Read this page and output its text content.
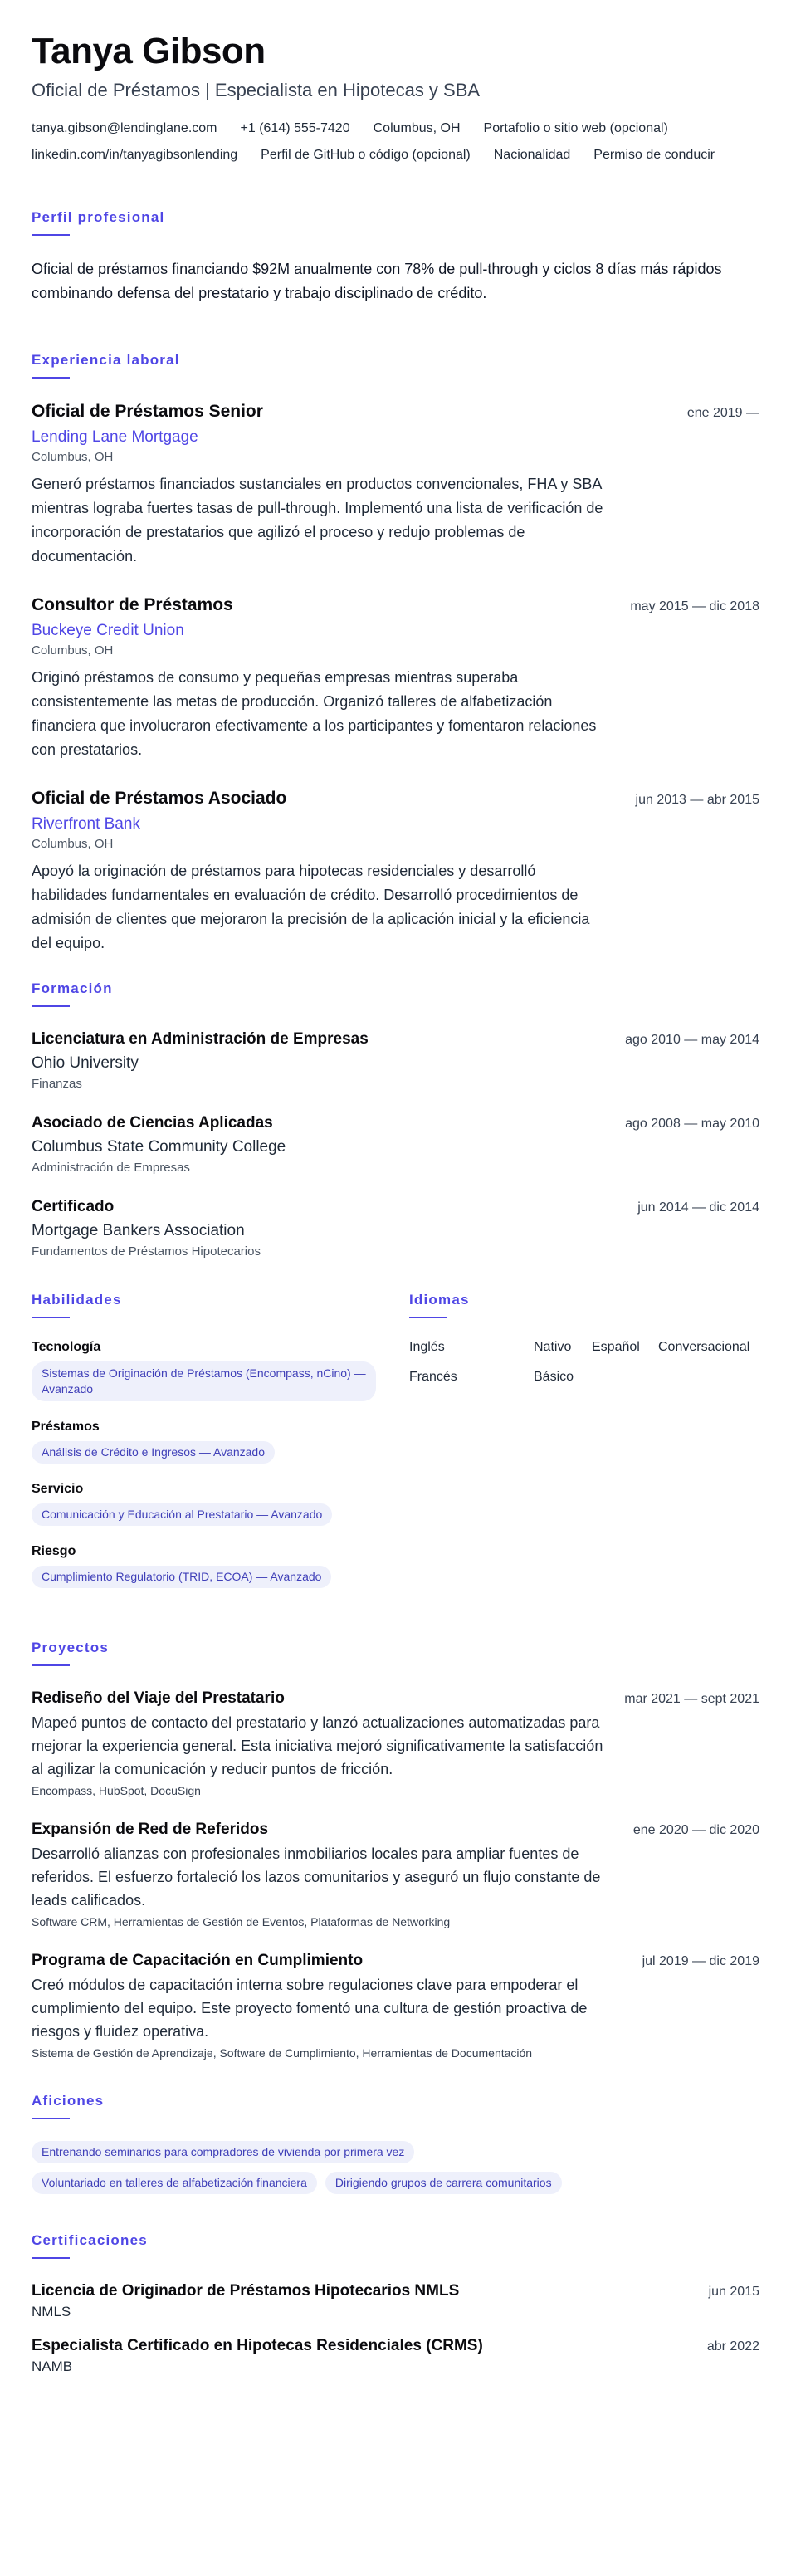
Tanya Gibson
Oficial de Préstamos | Especialista en Hipotecas y SBA
tanya.gibson@lendinglane.com +1 (614) 555-7420 Columbus, OH Portafolio o sitio web (opcional)
linkedin.com/in/tanyagibsonlending Perfil de GitHub o código (opcional) Nacionalidad Permiso de conducir
Perfil profesional
Oficial de préstamos financiando $92M anualmente con 78% de pull-through y ciclos 8 días más rápidos combinando defensa del prestatario y trabajo disciplinado de crédito.
Experiencia laboral
Oficial de Préstamos Senior	ene 2019 —
Lending Lane Mortgage
Columbus, OH
Generó préstamos financiados sustanciales en productos convencionales, FHA y SBA mientras lograba fuertes tasas de pull-through. Implementó una lista de verificación de incorporación de prestatarios que agilizó el proceso y redujo problemas de documentación.
Consultor de Préstamos	may 2015 — dic 2018
Buckeye Credit Union
Columbus, OH
Originó préstamos de consumo y pequeñas empresas mientras superaba consistentemente las metas de producción. Organizó talleres de alfabetización financiera que involucraron efectivamente a los participantes y fomentaron relaciones con prestatarios.
Oficial de Préstamos Asociado	jun 2013 — abr 2015
Riverfront Bank
Columbus, OH
Apoyó la originación de préstamos para hipotecas residenciales y desarrolló habilidades fundamentales en evaluación de crédito. Desarrolló procedimientos de admisión de clientes que mejoraron la precisión de la aplicación inicial y la eficiencia del equipo.
Formación
Licenciatura en Administración de Empresas	ago 2010 — may 2014
Ohio University
Finanzas
Asociado de Ciencias Aplicadas	ago 2008 — may 2010
Columbus State Community College
Administración de Empresas
Certificado	jun 2014 — dic 2014
Mortgage Bankers Association
Fundamentos de Préstamos Hipotecarios
Habilidades
Tecnología
Sistemas de Originación de Préstamos (Encompass, nCino) — Avanzado
Préstamos
Análisis de Crédito e Ingresos — Avanzado
Servicio
Comunicación y Educación al Prestatario — Avanzado
Riesgo
Cumplimiento Regulatorio (TRID, ECOA) — Avanzado
Idiomas
Inglés	Nativo	Español	Conversacional
Francés	Básico
Proyectos
Rediseño del Viaje del Prestatario	mar 2021 — sept 2021
Mapeó puntos de contacto del prestatario y lanzó actualizaciones automatizadas para mejorar la experiencia general. Esta iniciativa mejoró significativamente la satisfacción al agilizar la comunicación y reducir puntos de fricción.
Encompass, HubSpot, DocuSign
Expansión de Red de Referidos	ene 2020 — dic 2020
Desarrolló alianzas con profesionales inmobiliarios locales para ampliar fuentes de referidos. El esfuerzo fortaleció los lazos comunitarios y aseguró un flujo constante de leads calificados.
Software CRM, Herramientas de Gestión de Eventos, Plataformas de Networking
Programa de Capacitación en Cumplimiento	jul 2019 — dic 2019
Creó módulos de capacitación interna sobre regulaciones clave para empoderar el cumplimiento del equipo. Este proyecto fomentó una cultura de gestión proactiva de riesgos y fluidez operativa.
Sistema de Gestión de Aprendizaje, Software de Cumplimiento, Herramientas de Documentación
Aficiones
Entrenando seminarios para compradores de vivienda por primera vez
Voluntariado en talleres de alfabetización financiera	Dirigiendo grupos de carrera comunitarios
Certificaciones
Licencia de Originador de Préstamos Hipotecarios NMLS	jun 2015
NMLS
Especialista Certificado en Hipotecas Residenciales (CRMS)	abr 2022
NAMB
